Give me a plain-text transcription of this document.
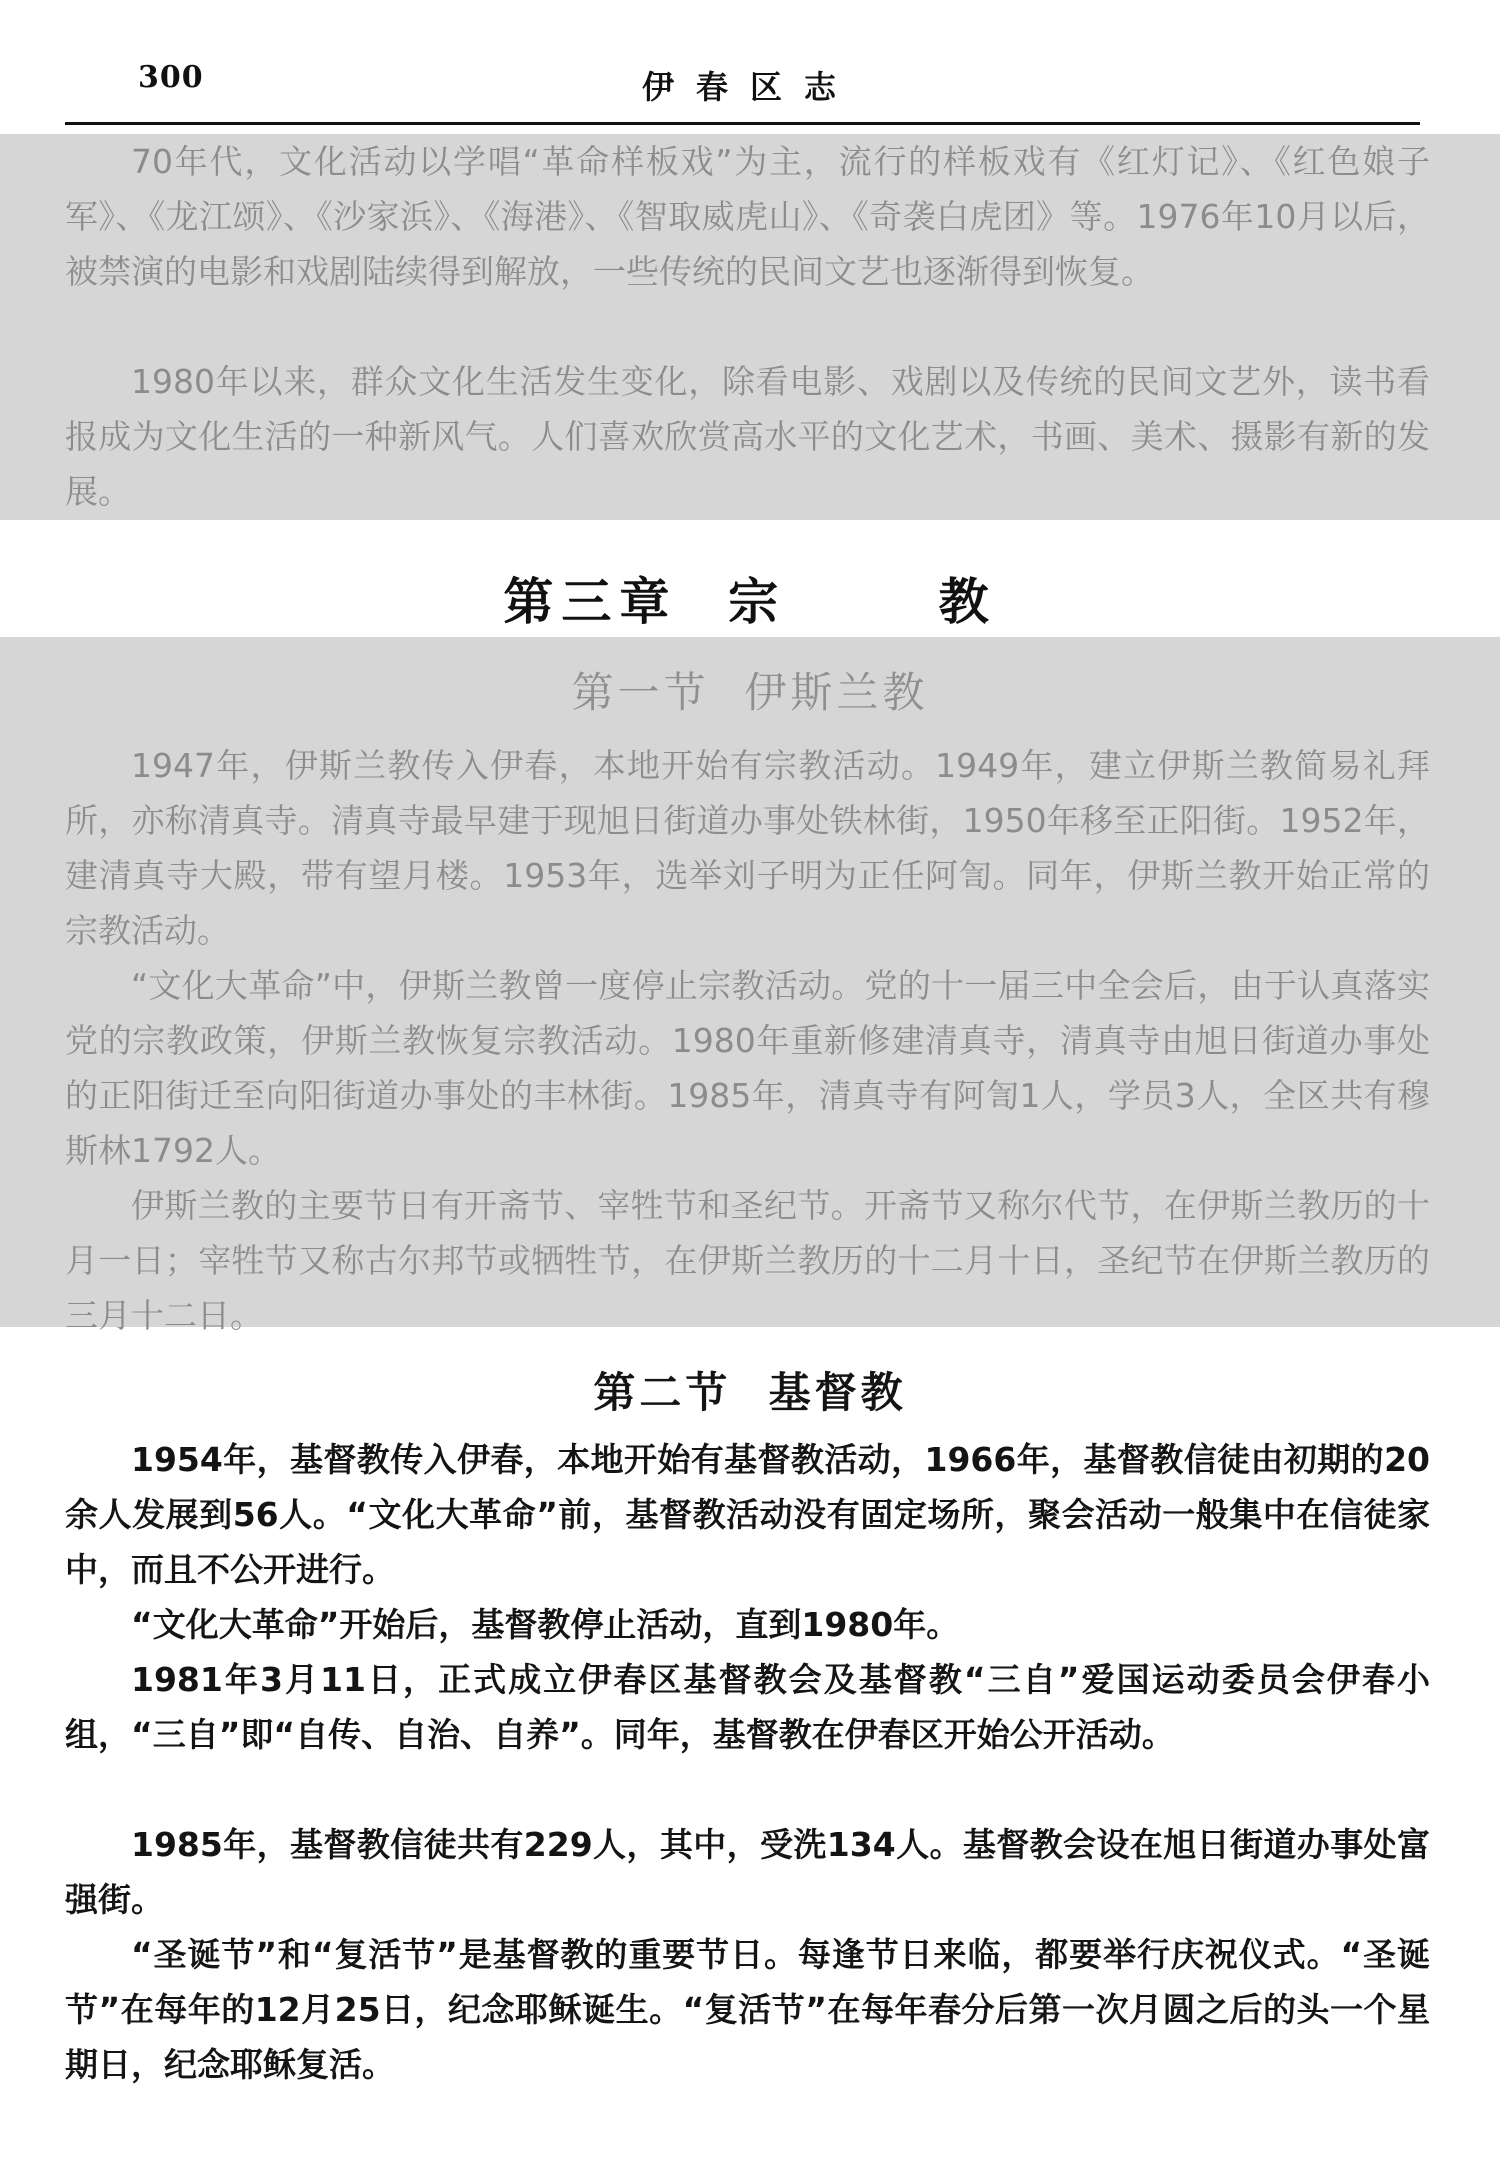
300	伊春区志

70年代，文化活动以学唱“革命样板戏”为主，流行的样板戏有《红灯记》、《红色娘子军》、《龙江颂》、《沙家浜》、《海港》、《智取威虎山》、《奇袭白虎团》等。1976年10月以后，被禁演的电影和戏剧陆续得到解放，一些传统的民间文艺也逐渐得到恢复。

1980年以来，群众文化生活发生变化，除看电影、戏剧以及传统的民间文艺外，读书看报成为文化生活的一种新风气。人们喜欢欣赏高水平的文化艺术，书画、美术、摄影有新的发展。

第三章  宗      教
第一节  伊斯兰教

1947年，伊斯兰教传入伊春，本地开始有宗教活动。1949年，建立伊斯兰教简易礼拜所，亦称清真寺。清真寺最早建于现旭日街道办事处铁林街，1950年移至正阳街。1952年，建清真寺大殿，带有望月楼。1953年，选举刘子明为正任阿訇。同年，伊斯兰教开始正常的宗教活动。

“文化大革命”中，伊斯兰教曾一度停止宗教活动。党的十一届三中全会后，由于认真落实党的宗教政策，伊斯兰教恢复宗教活动。1980年重新修建清真寺，清真寺由旭日街道办事处的正阳街迁至向阳街道办事处的丰林街。1985年，清真寺有阿訇1人，学员3人，全区共有穆斯林1792人。

伊斯兰教的主要节日有开斋节、宰牲节和圣纪节。开斋节又称尔代节，在伊斯兰教历的十月一日；宰牲节又称古尔邦节或牺牲节，在伊斯兰教历的十二月十日，圣纪节在伊斯兰教历的三月十二日。

第二节  基督教

1954年，基督教传入伊春，本地开始有基督教活动，1966年，基督教信徒由初期的20余人发展到56人。“文化大革命”前，基督教活动没有固定场所，聚会活动一般集中在信徒家中，而且不公开进行。

“文化大革命”开始后，基督教停止活动，直到1980年。

1981年3月11日，正式成立伊春区基督教会及基督教“三自”爱国运动委员会伊春小组，“三自”即“自传、自治、自养”。同年，基督教在伊春区开始公开活动。

1985年，基督教信徒共有229人，其中，受洗134人。基督教会设在旭日街道办事处富强街。

“圣诞节”和“复活节”是基督教的重要节日。每逢节日来临，都要举行庆祝仪式。“圣诞节”在每年的12月25日，纪念耶稣诞生。“复活节”在每年春分后第一次月圆之后的头一个星期日，纪念耶稣复活。
